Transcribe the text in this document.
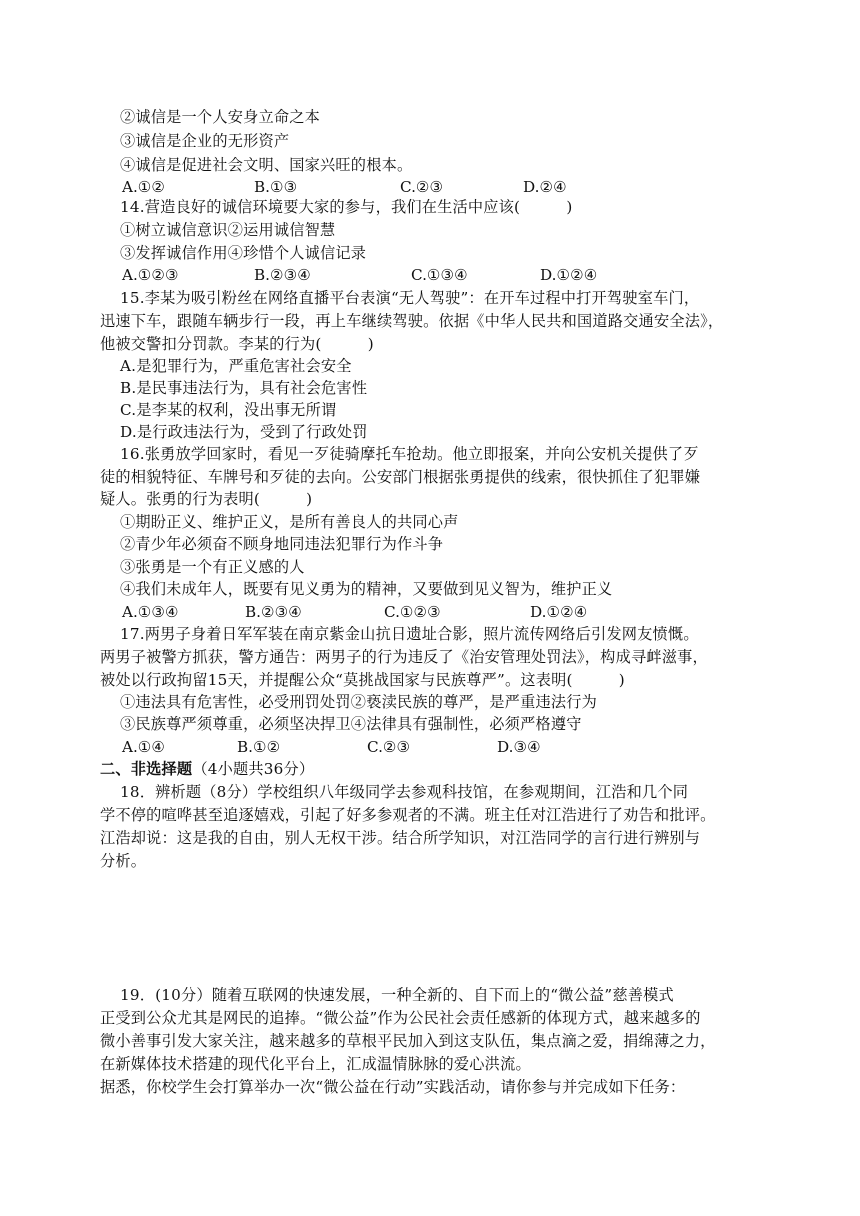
②诚信是一个人安身立命之本
③诚信是企业的无形资产
④诚信是促进社会文明、国家兴旺的根本。
A.①②	B.①③	C.②③	D.②④
14.营造良好的诚信环境要大家的参与，我们在生活中应该(　　　)
①树立诚信意识②运用诚信智慧
③发挥诚信作用④珍惜个人诚信记录
A.①②③	B.②③④	C.①③④	D.①②④
15.李某为吸引粉丝在网络直播平台表演“无人驾驶”：在开车过程中打开驾驶室车门，
迅速下车，跟随车辆步行一段，再上车继续驾驶。依据《中华人民共和国道路交通安全法》，
他被交警扣分罚款。李某的行为(　　　)
A.是犯罪行为，严重危害社会安全
B.是民事违法行为，具有社会危害性
C.是李某的权利，没出事无所谓
D.是行政违法行为，受到了行政处罚
16.张勇放学回家时，看见一歹徒骑摩托车抢劫。他立即报案，并向公安机关提供了歹
徒的相貌特征、车牌号和歹徒的去向。公安部门根据张勇提供的线索，很快抓住了犯罪嫌
疑人。张勇的行为表明(　　　)
①期盼正义、维护正义，是所有善良人的共同心声
②青少年必须奋不顾身地同违法犯罪行为作斗争
③张勇是一个有正义感的人
④我们未成年人，既要有见义勇为的精神，又要做到见义智为，维护正义
A.①③④	B.②③④	C.①②③	D.①②④
17.两男子身着日军军装在南京紫金山抗日遗址合影，照片流传网络后引发网友愤慨。
两男子被警方抓获，警方通告：两男子的行为违反了《治安管理处罚法》，构成寻衅滋事，
被处以行政拘留15天，并提醒公众“莫挑战国家与民族尊严”。这表明(　　　)
①违法具有危害性，必受刑罚处罚②亵渎民族的尊严，是严重违法行为
③民族尊严须尊重，必须坚决捍卫④法律具有强制性，必须严格遵守
A.①④	B.①②	C.②③	D.③④
二、非选择题（4小题共36分）
18．辨析题（8分）学校组织八年级同学去参观科技馆，在参观期间，江浩和几个同
学不停的喧哗甚至追逐嬉戏，引起了好多参观者的不满。班主任对江浩进行了劝告和批评。
江浩却说：这是我的自由，别人无权干涉。结合所学知识，对江浩同学的言行进行辨别与
分析。
19．(10分）随着互联网的快速发展，一种全新的、自下而上的“微公益”慈善模式
正受到公众尤其是网民的追捧。“微公益”作为公民社会责任感新的体现方式，越来越多的
微小善事引发大家关注，越来越多的草根平民加入到这支队伍，集点滴之爱，捐绵薄之力，
在新媒体技术搭建的现代化平台上，汇成温情脉脉的爱心洪流。
据悉，你校学生会打算举办一次“微公益在行动”实践活动，请你参与并完成如下任务：
